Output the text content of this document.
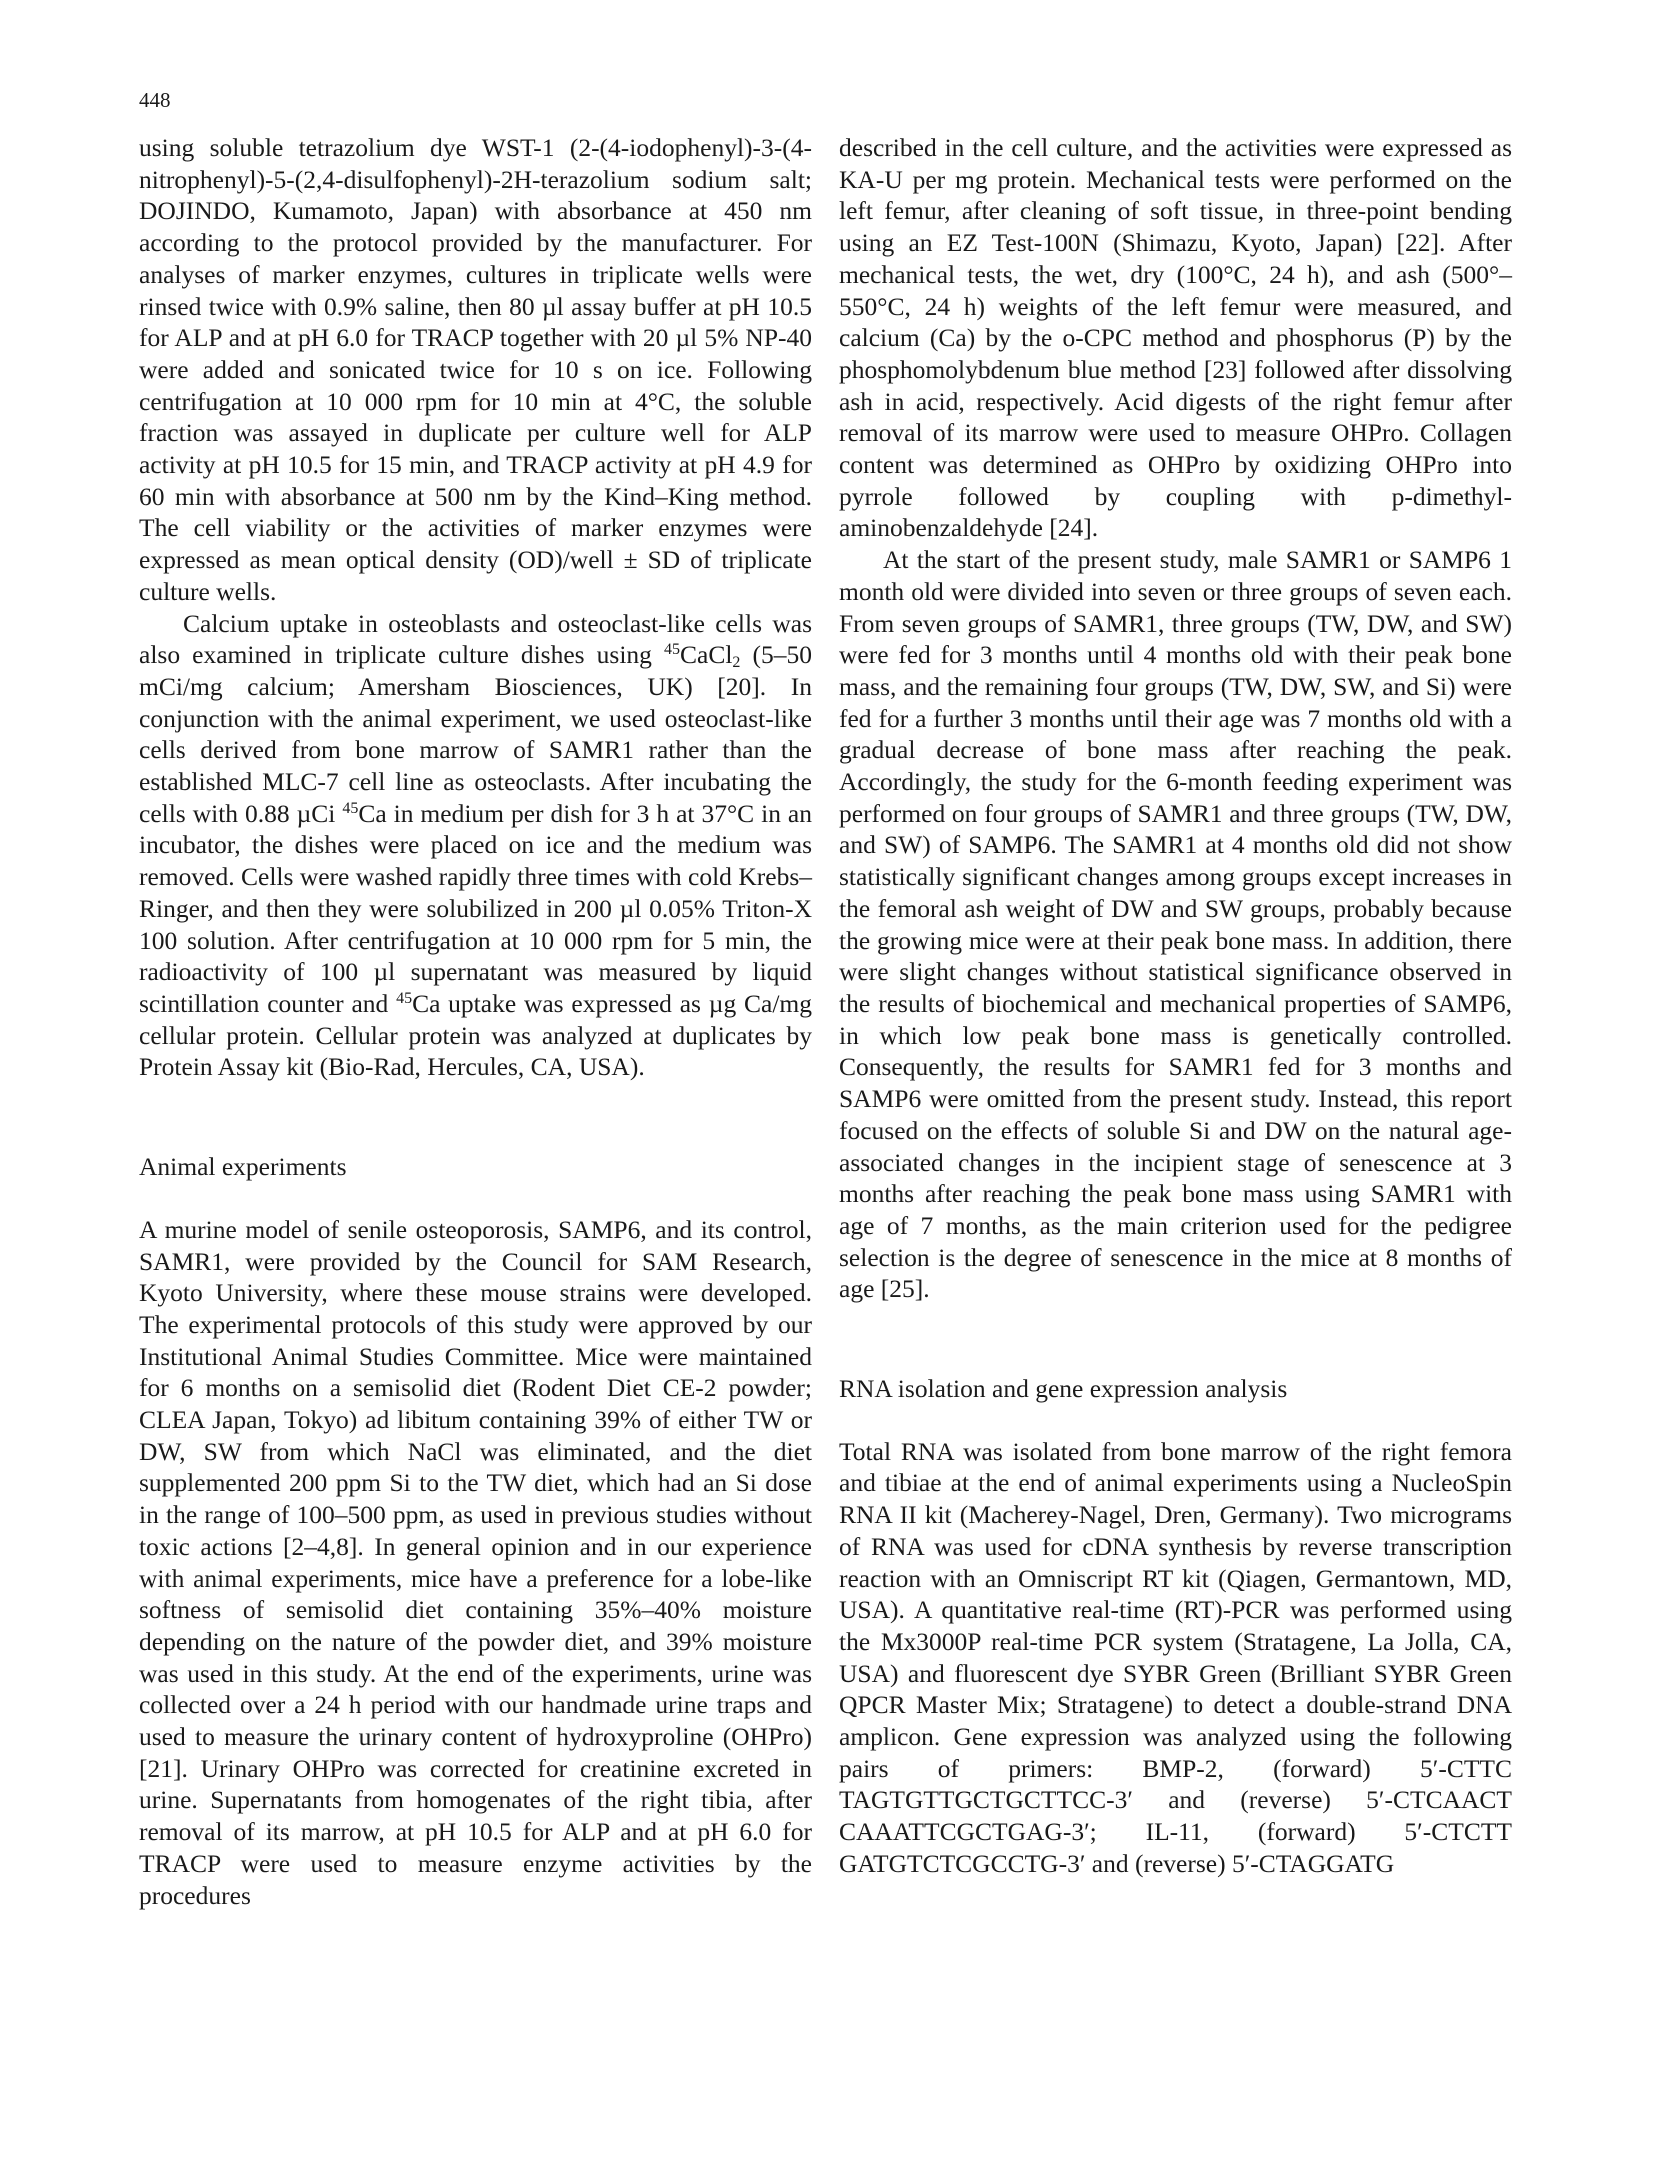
448

using soluble tetrazolium dye WST-1 (2-(4-iodophenyl)-3-(4-nitrophenyl)-5-(2,4-disulfophenyl)-2H-terazolium sodium salt; DOJINDO, Kumamoto, Japan) with absorbance at 450 nm according to the protocol provided by the manufacturer. For analyses of marker enzymes, cultures in triplicate wells were rinsed twice with 0.9% saline, then 80 µl assay buffer at pH 10.5 for ALP and at pH 6.0 for TRACP together with 20 µl 5% NP-40 were added and sonicated twice for 10 s on ice. Following centrifugation at 10 000 rpm for 10 min at 4°C, the soluble fraction was assayed in duplicate per culture well for ALP activity at pH 10.5 for 15 min, and TRACP activity at pH 4.9 for 60 min with absorbance at 500 nm by the Kind–King method. The cell viability or the activities of marker enzymes were expressed as mean optical density (OD)/well ± SD of triplicate culture wells.

Calcium uptake in osteoblasts and osteoclast-like cells was also examined in triplicate culture dishes using $^{45}$CaCl$_2$ (5–50 mCi/mg calcium; Amersham Biosciences, UK) [20]. In conjunction with the animal experiment, we used osteoclast-like cells derived from bone marrow of SAMR1 rather than the established MLC-7 cell line as osteoclasts. After incubating the cells with 0.88 µCi $^{45}$Ca in medium per dish for 3 h at 37°C in an incubator, the dishes were placed on ice and the medium was removed. Cells were washed rapidly three times with cold Krebs–Ringer, and then they were solubilized in 200 µl 0.05% Triton-X 100 solution. After centrifugation at 10 000 rpm for 5 min, the radioactivity of 100 µl supernatant was measured by liquid scintillation counter and $^{45}$Ca uptake was expressed as µg Ca/mg cellular protein. Cellular protein was analyzed at duplicates by Protein Assay kit (Bio-Rad, Hercules, CA, USA).

Animal experiments

A murine model of senile osteoporosis, SAMP6, and its control, SAMR1, were provided by the Council for SAM Research, Kyoto University, where these mouse strains were developed. The experimental protocols of this study were approved by our Institutional Animal Studies Committee. Mice were maintained for 6 months on a semisolid diet (Rodent Diet CE-2 powder; CLEA Japan, Tokyo) ad libitum containing 39% of either TW or DW, SW from which NaCl was eliminated, and the diet supplemented 200 ppm Si to the TW diet, which had an Si dose in the range of 100–500 ppm, as used in previous studies without toxic actions [2–4,8]. In general opinion and in our experience with animal experiments, mice have a preference for a lobe-like softness of semisolid diet containing 35%–40% moisture depending on the nature of the powder diet, and 39% moisture was used in this study. At the end of the experiments, urine was collected over a 24 h period with our handmade urine traps and used to measure the urinary content of hydroxyproline (OHPro) [21]. Urinary OHPro was corrected for creatinine excreted in urine. Supernatants from homogenates of the right tibia, after removal of its marrow, at pH 10.5 for ALP and at pH 6.0 for TRACP were used to measure enzyme activities by the procedures

described in the cell culture, and the activities were expressed as KA-U per mg protein. Mechanical tests were performed on the left femur, after cleaning of soft tissue, in three-point bending using an EZ Test-100N (Shimazu, Kyoto, Japan) [22]. After mechanical tests, the wet, dry (100°C, 24 h), and ash (500°–550°C, 24 h) weights of the left femur were measured, and calcium (Ca) by the o-CPC method and phosphorus (P) by the phosphomolybdenum blue method [23] followed after dissolving ash in acid, respectively. Acid digests of the right femur after removal of its marrow were used to measure OHPro. Collagen content was determined as OHPro by oxidizing OHPro into pyrrole followed by coupling with p-dimethyl-aminobenzaldehyde [24].

At the start of the present study, male SAMR1 or SAMP6 1 month old were divided into seven or three groups of seven each. From seven groups of SAMR1, three groups (TW, DW, and SW) were fed for 3 months until 4 months old with their peak bone mass, and the remaining four groups (TW, DW, SW, and Si) were fed for a further 3 months until their age was 7 months old with a gradual decrease of bone mass after reaching the peak. Accordingly, the study for the 6-month feeding experiment was performed on four groups of SAMR1 and three groups (TW, DW, and SW) of SAMP6. The SAMR1 at 4 months old did not show statistically significant changes among groups except increases in the femoral ash weight of DW and SW groups, probably because the growing mice were at their peak bone mass. In addition, there were slight changes without statistical significance observed in the results of biochemical and mechanical properties of SAMP6, in which low peak bone mass is genetically controlled. Consequently, the results for SAMR1 fed for 3 months and SAMP6 were omitted from the present study. Instead, this report focused on the effects of soluble Si and DW on the natural age-associated changes in the incipient stage of senescence at 3 months after reaching the peak bone mass using SAMR1 with age of 7 months, as the main criterion used for the pedigree selection is the degree of senescence in the mice at 8 months of age [25].

RNA isolation and gene expression analysis

Total RNA was isolated from bone marrow of the right femora and tibiae at the end of animal experiments using a NucleoSpin RNA II kit (Macherey-Nagel, Dren, Germany). Two micrograms of RNA was used for cDNA synthesis by reverse transcription reaction with an Omniscript RT kit (Qiagen, Germantown, MD, USA). A quantitative real-time (RT)-PCR was performed using the Mx3000P real-time PCR system (Stratagene, La Jolla, CA, USA) and fluorescent dye SYBR Green (Brilliant SYBR Green QPCR Master Mix; Stratagene) to detect a double-strand DNA amplicon. Gene expression was analyzed using the following pairs of primers: BMP-2, (forward) 5′-CTTC TAGTGTTGCTGCTTCC-3′ and (reverse) 5′-CTCAACT CAAATTCGCTGAG-3′; IL-11, (forward) 5′-CTCTT GATGTCTCGCCTG-3′ and (reverse) 5′-CTAGGATG
